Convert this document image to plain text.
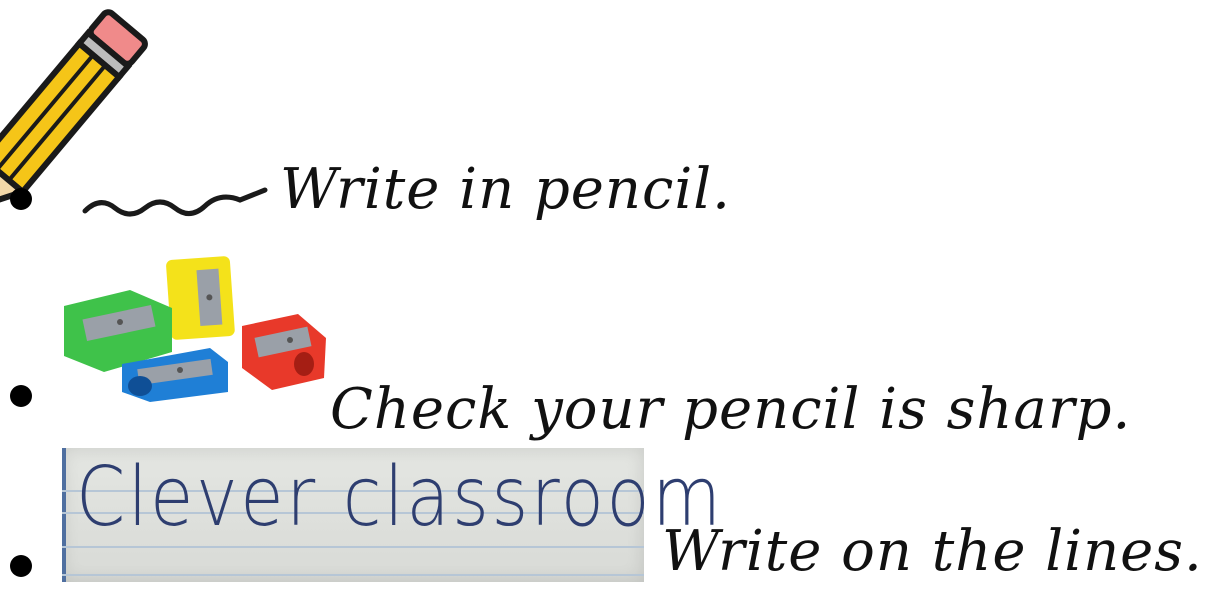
Write in pencil.
Check your pencil is sharp.
Clever classroom
Write on the lines.
